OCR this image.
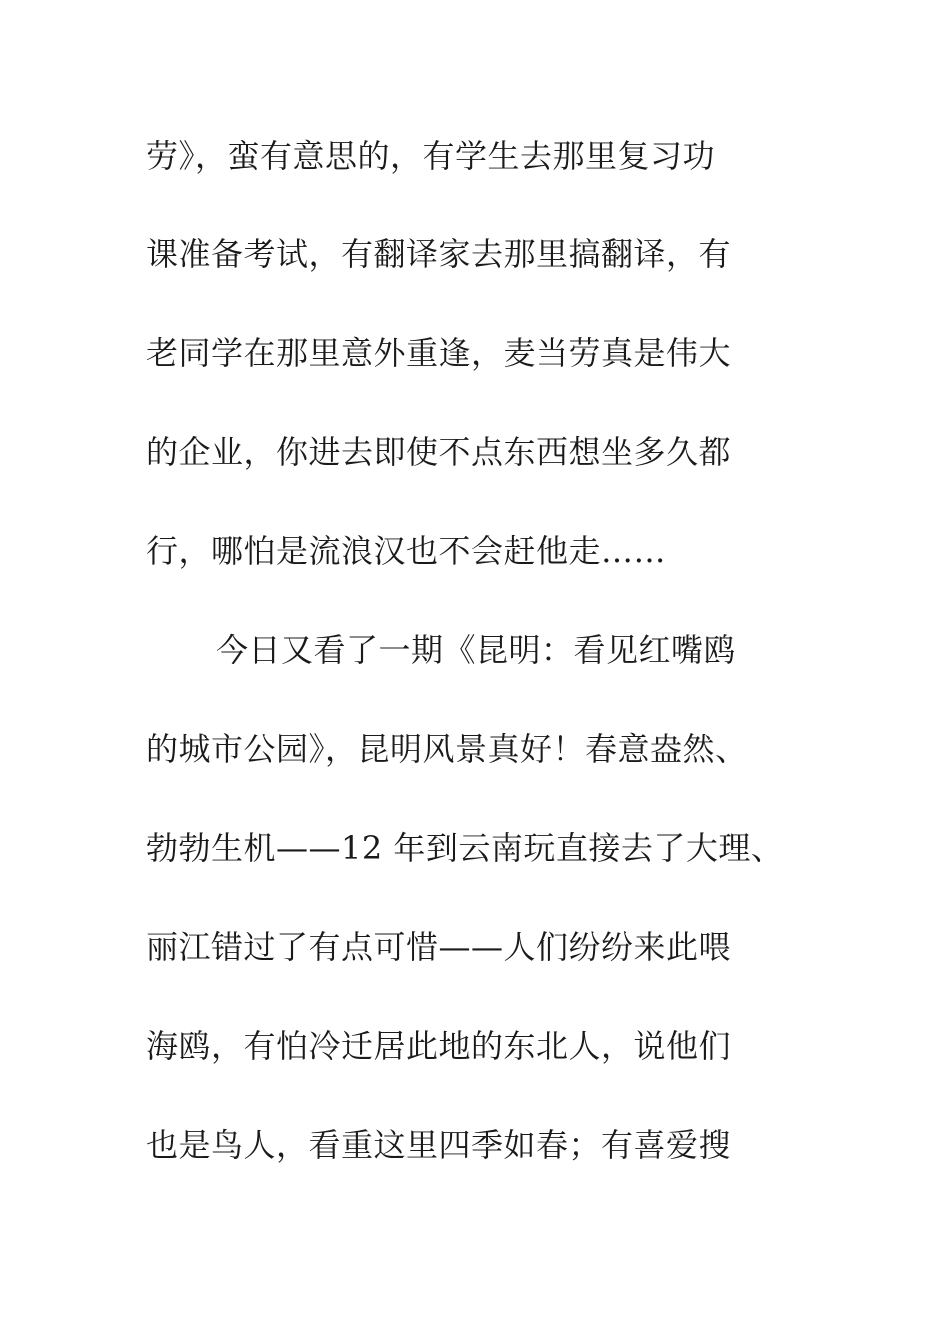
劳》，蛮有意思的，有学生去那里复习功
课准备考试，有翻译家去那里搞翻译，有
老同学在那里意外重逢，麦当劳真是伟大
的企业，你进去即使不点东西想坐多久都
行，哪怕是流浪汉也不会赶他走……
今日又看了一期《昆明：看见红嘴鸥
的城市公园》，昆明风景真好！春意盎然、
勃勃生机——12 年到云南玩直接去了大理、
丽江错过了有点可惜——人们纷纷来此喂
海鸥，有怕冷迁居此地的东北人，说他们
也是鸟人，看重这里四季如春；有喜爱搜
